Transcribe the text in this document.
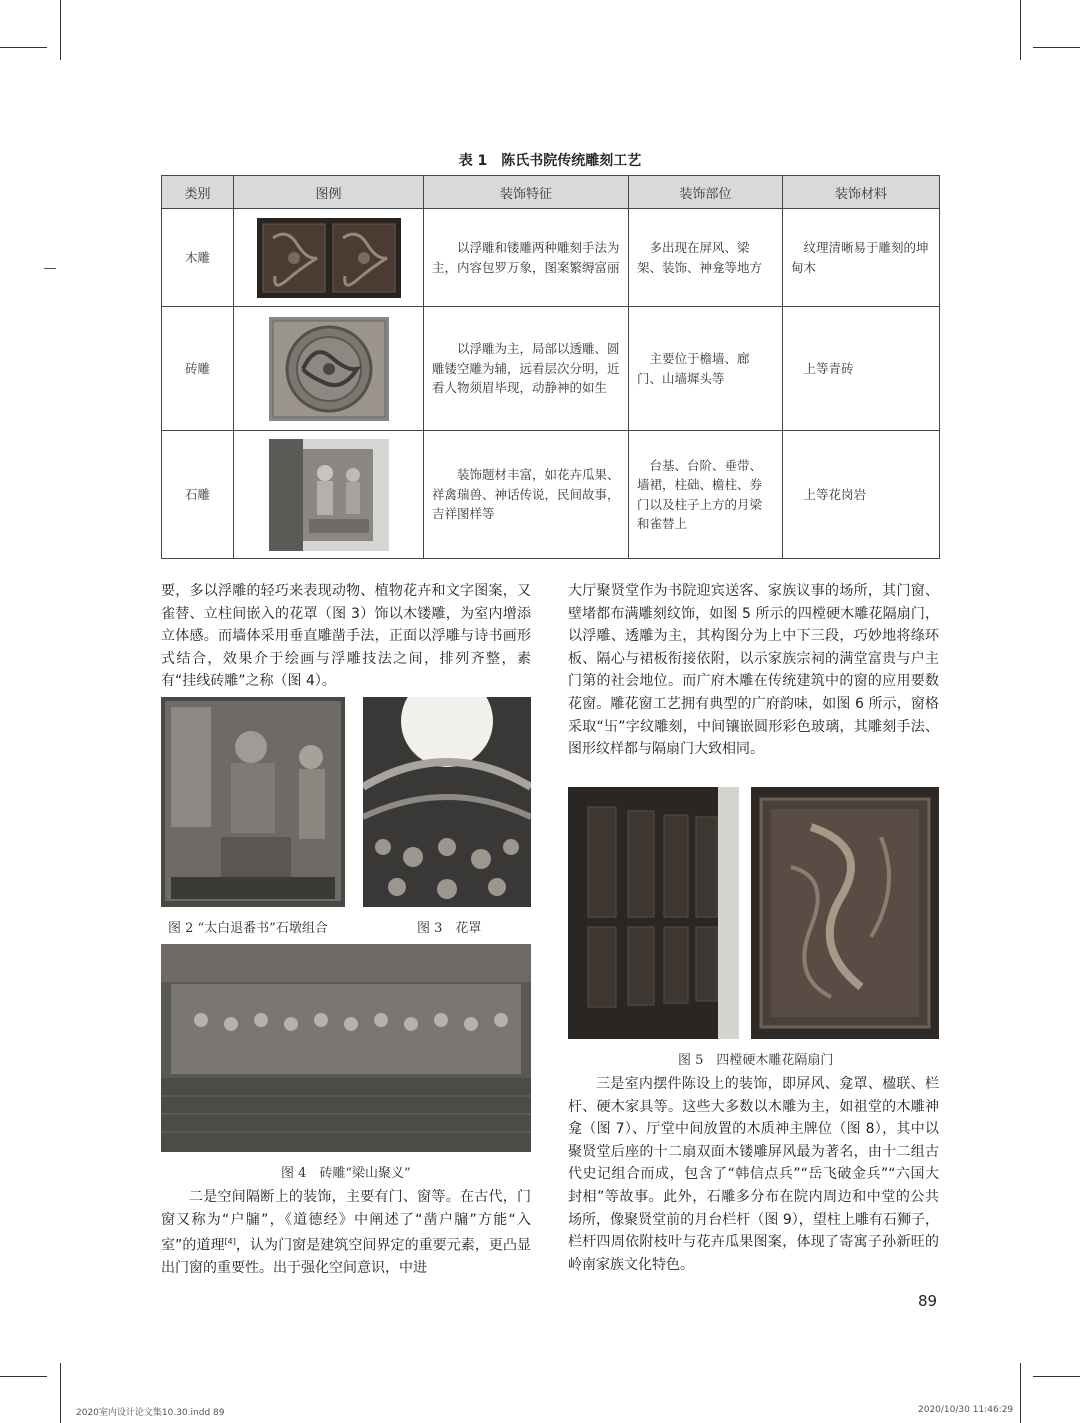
表 1　陈氏书院传统雕刻工艺
类别	图例	装饰特征	装饰部位	装饰材料
木雕		以浮雕和镂雕两种雕刻手法为主，内容包罗万象，图案繁缛富丽	多出现在屏风、梁架、装饰、神龛等地方	纹理清晰易于雕刻的坤甸木
砖雕		以浮雕为主，局部以透雕、圆雕镂空雕为辅，远看层次分明，近看人物须眉毕现，动静神的如生	主要位于檐墙、廊门、山墙墀头等	上等青砖
石雕		装饰题材丰富，如花卉瓜果、祥禽瑞兽、神话传说，民间故事，吉祥图样等	台基、台阶、垂带、墙裙，柱础、檐柱、券门以及柱子上方的月梁和雀替上	上等花岗岩

要，多以浮雕的轻巧来表现动物、植物花卉和文字图案，又雀替、立柱间嵌入的花罩（图 3）饰以木镂雕，为室内增添立体感。而墙体采用垂直雕凿手法，正面以浮雕与诗书画形式结合，效果介于绘画与浮雕技法之间，排列齐整，素有“挂线砖雕”之称（图 4）。

图 2 “太白退番书”石墩组合	图 3　花罩
图 4　砖雕“梁山聚义”

二是空间隔断上的装饰，主要有门、窗等。在古代，门窗又称为“户牖”，《道德经》中阐述了“凿户牖”方能“入室”的道理[4]，认为门窗是建筑空间界定的重要元素，更凸显出门窗的重要性。出于强化空间意识，中进

大厅聚贤堂作为书院迎宾送客、家族议事的场所，其门窗、壁堵都布满雕刻纹饰，如图 5 所示的四樘硬木雕花隔扇门，以浮雕、透雕为主，其构图分为上中下三段，巧妙地将绦环板、隔心与裙板衔接依附，以示家族宗祠的满堂富贵与户主门第的社会地位。而广府木雕在传统建筑中的窗的应用要数花窗。雕花窗工艺拥有典型的广府韵味，如图 6 所示，窗格采取“卐”字纹雕刻，中间镶嵌圆形彩色玻璃，其雕刻手法、图形纹样都与隔扇门大致相同。

图 5　四樘硬木雕花隔扇门

三是室内摆件陈设上的装饰，即屏风、龛罩、楹联、栏杆、硬木家具等。这些大多数以木雕为主，如祖堂的木雕神龛（图 7）、厅堂中间放置的木质神主牌位（图 8），其中以聚贤堂后座的十二扇双面木镂雕屏风最为著名，由十二组古代史记组合而成，包含了“韩信点兵”“岳飞破金兵”“六国大封相”等故事。此外，石雕多分布在院内周边和中堂的公共场所，像聚贤堂前的月台栏杆（图 9），望柱上雕有石狮子，栏杆四周依附枝叶与花卉瓜果图案，体现了寄寓子孙新旺的岭南家族文化特色。

89
2020室内设计论文集10.30.indd 89	2020/10/30 11:46:29
